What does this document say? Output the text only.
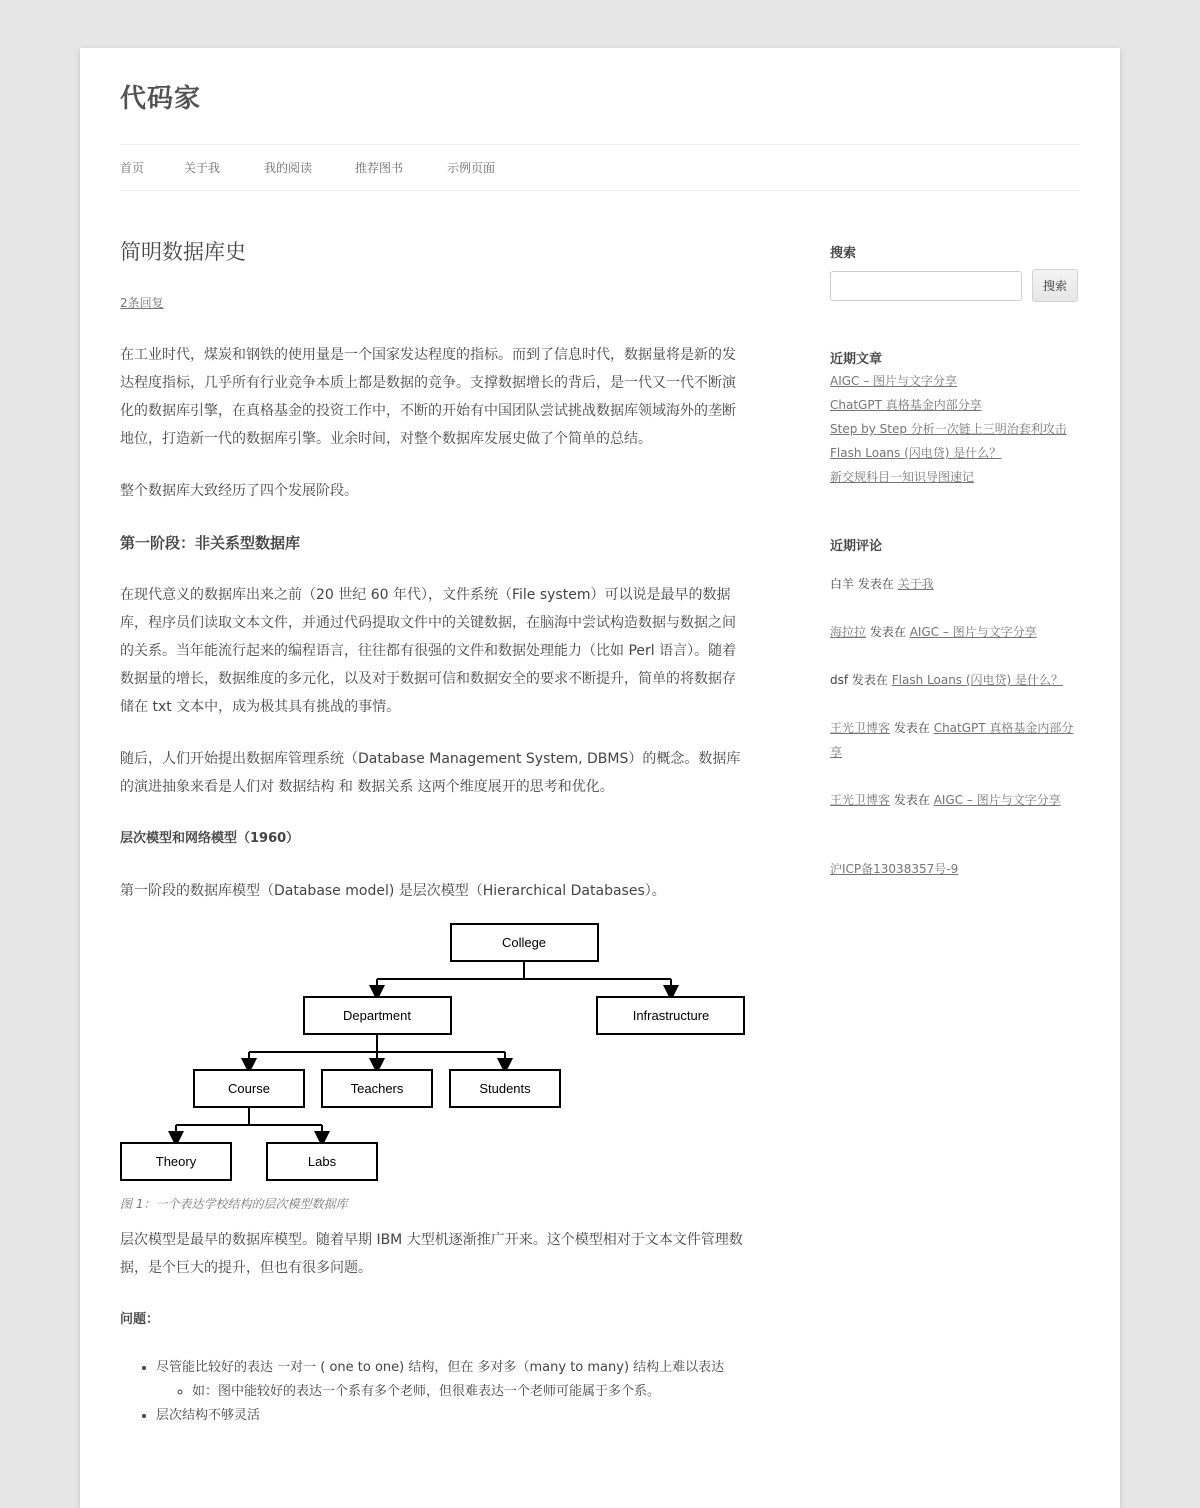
代码家
首页	关于我	我的阅读	推荐图书	示例页面
简明数据库史
2条回复

在工业时代，煤炭和钢铁的使用量是一个国家发达程度的指标。而到了信息时代，数据量将是新的发达程度指标，几乎所有行业竞争本质上都是数据的竞争。支撑数据增长的背后，是一代又一代不断演化的数据库引擎，在真格基金的投资工作中，不断的开始有中国团队尝试挑战数据库领域海外的垄断地位，打造新一代的数据库引擎。业余时间，对整个数据库发展史做了个简单的总结。

整个数据库大致经历了四个发展阶段。

第一阶段：非关系型数据库

在现代意义的数据库出来之前（20 世纪 60 年代），文件系统（File system）可以说是最早的数据库，程序员们读取文本文件，并通过代码提取文件中的关键数据，在脑海中尝试构造数据与数据之间的关系。当年能流行起来的编程语言，往往都有很强的文件和数据处理能力（比如 Perl 语言）。随着数据量的增长，数据维度的多元化，以及对于数据可信和数据安全的要求不断提升，简单的将数据存储在 txt 文本中，成为极其具有挑战的事情。

随后，人们开始提出数据库管理系统（Database Management System, DBMS）的概念。数据库的演进抽象来看是人们对 数据结构 和 数据关系 这两个维度展开的思考和优化。

层次模型和网络模型（1960）

第一阶段的数据库模型（Database model) 是层次模型（Hierarchical Databases）。

College
Department	Infrastructure
Course	Teachers	Students
Theory	Labs
图 1：一个表达学校结构的层次模型数据库

层次模型是最早的数据库模型。随着早期 IBM 大型机逐渐推广开来。这个模型相对于文本文件管理数据，是个巨大的提升，但也有很多问题。

问题：

• 尽管能比较好的表达 一对一 ( one to one) 结构，但在 多对多（many to many) 结构上难以表达
◦ 如：图中能较好的表达一个系有多个老师，但很难表达一个老师可能属于多个系。
• 层次结构不够灵活
搜索
搜索
近期文章
AIGC – 图片与文字分享
ChatGPT 真格基金内部分享
Step by Step 分析一次链上三明治套利攻击
Flash Loans (闪电贷) 是什么？
新交规科目一知识导图速记
近期评论
白羊 发表在 关于我
海拉拉 发表在 AIGC – 图片与文字分享
dsf 发表在 Flash Loans (闪电贷) 是什么？
王光卫博客 发表在 ChatGPT 真格基金内部分享
王光卫博客 发表在 AIGC – 图片与文字分享
沪ICP备13038357号-9
